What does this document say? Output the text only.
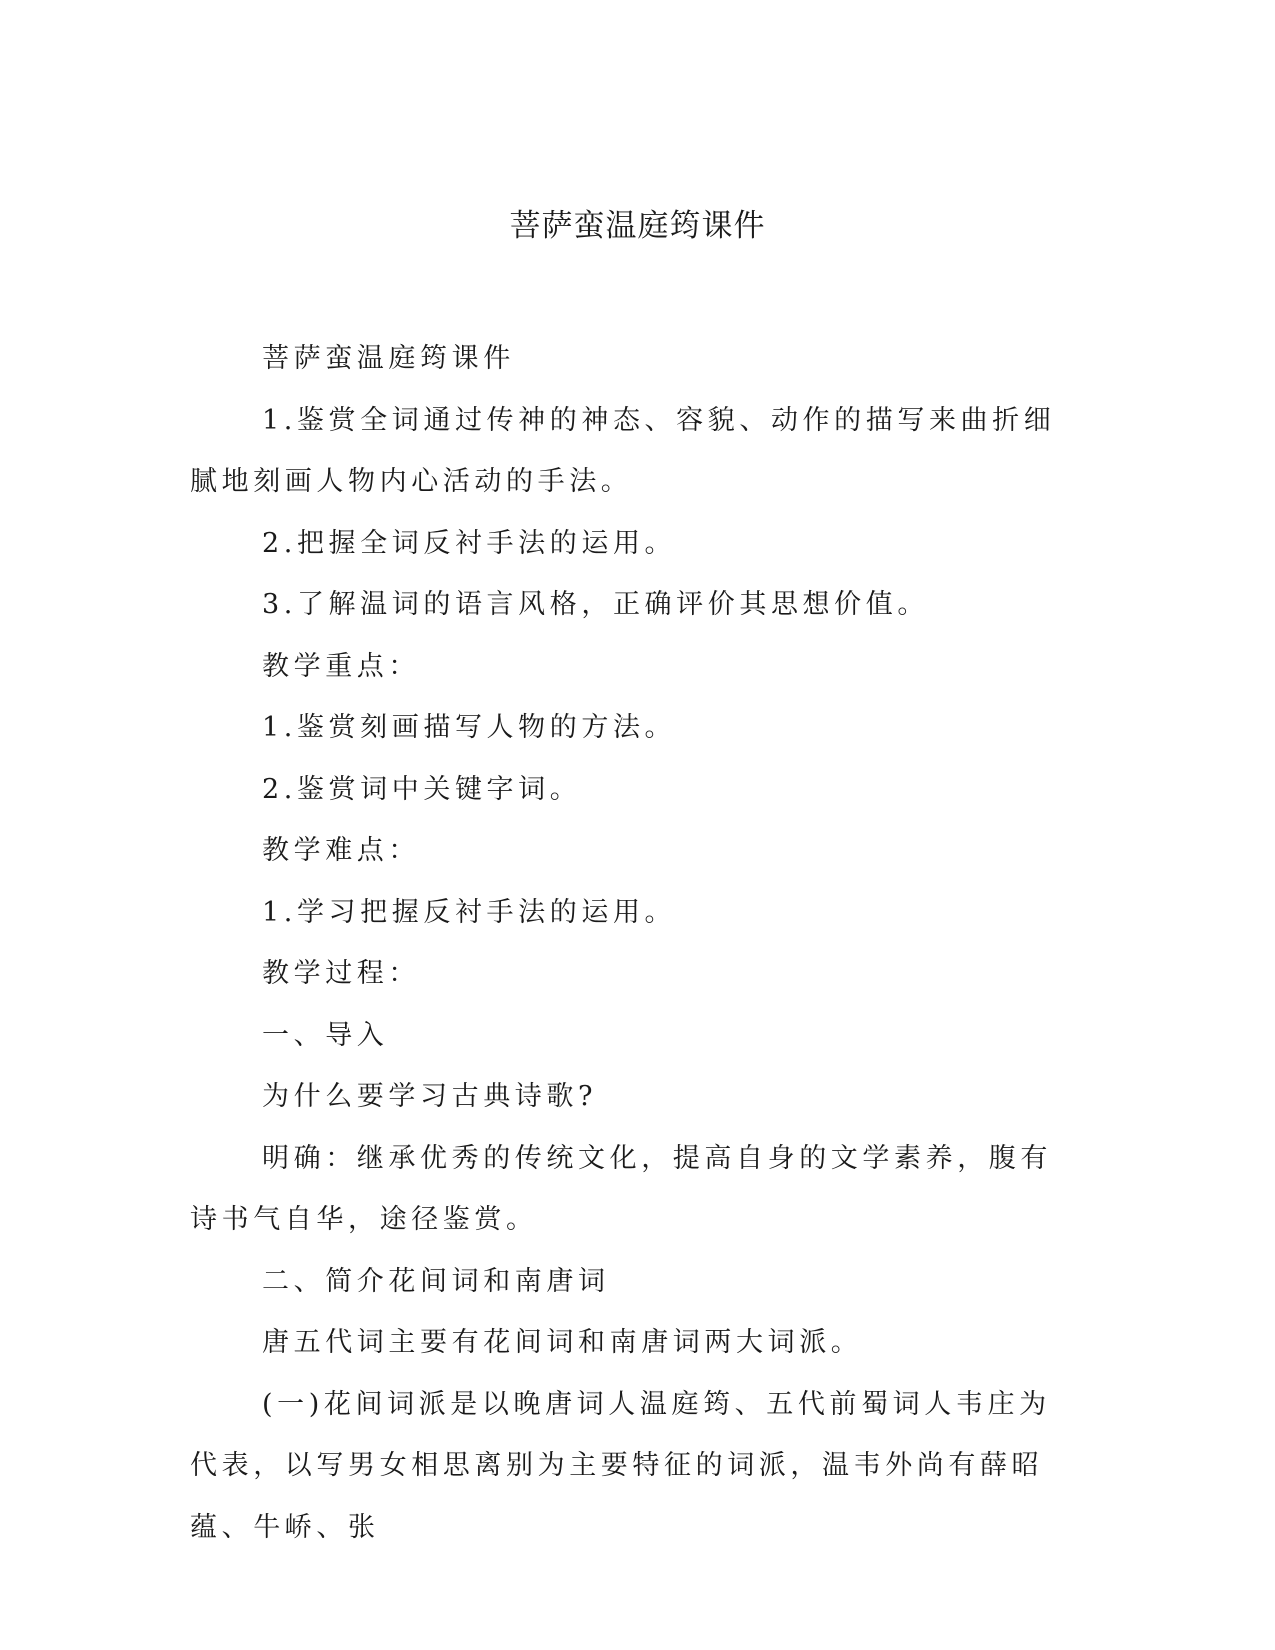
菩萨蛮温庭筠课件

菩萨蛮温庭筠课件

1.鉴赏全词通过传神的神态、容貌、动作的描写来曲折细腻地刻画人物内心活动的手法。

2.把握全词反衬手法的运用。

3.了解温词的语言风格，正确评价其思想价值。

教学重点：

1.鉴赏刻画描写人物的方法。

2.鉴赏词中关键字词。

教学难点：

1.学习把握反衬手法的运用。

教学过程：

一、导入

为什么要学习古典诗歌?

明确：继承优秀的传统文化，提高自身的文学素养，腹有诗书气自华，途径鉴赏。

二、简介花间词和南唐词

唐五代词主要有花间词和南唐词两大词派。

(一)花间词派是以晚唐词人温庭筠、五代前蜀词人韦庄为代表，以写男女相思离别为主要特征的词派，温韦外尚有薛昭蕴、牛峤、张
